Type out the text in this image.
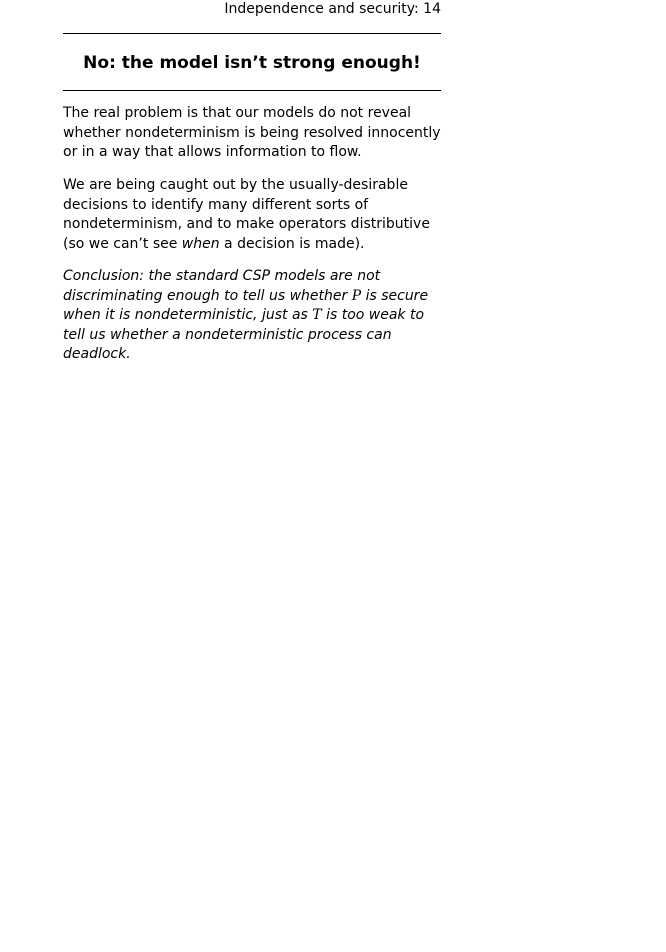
Independence and security: 14
No: the model isn’t strong enough!

The real problem is that our models do not reveal whether nondeterminism is being resolved innocently or in a way that allows information to flow.

We are being caught out by the usually-desirable decisions to identify many different sorts of nondeterminism, and to make operators distributive (so we can’t see when a decision is made).

Conclusion: the standard CSP models are not discriminating enough to tell us whether P is secure when it is nondeterministic, just as T is too weak to tell us whether a nondeterministic process can deadlock.
